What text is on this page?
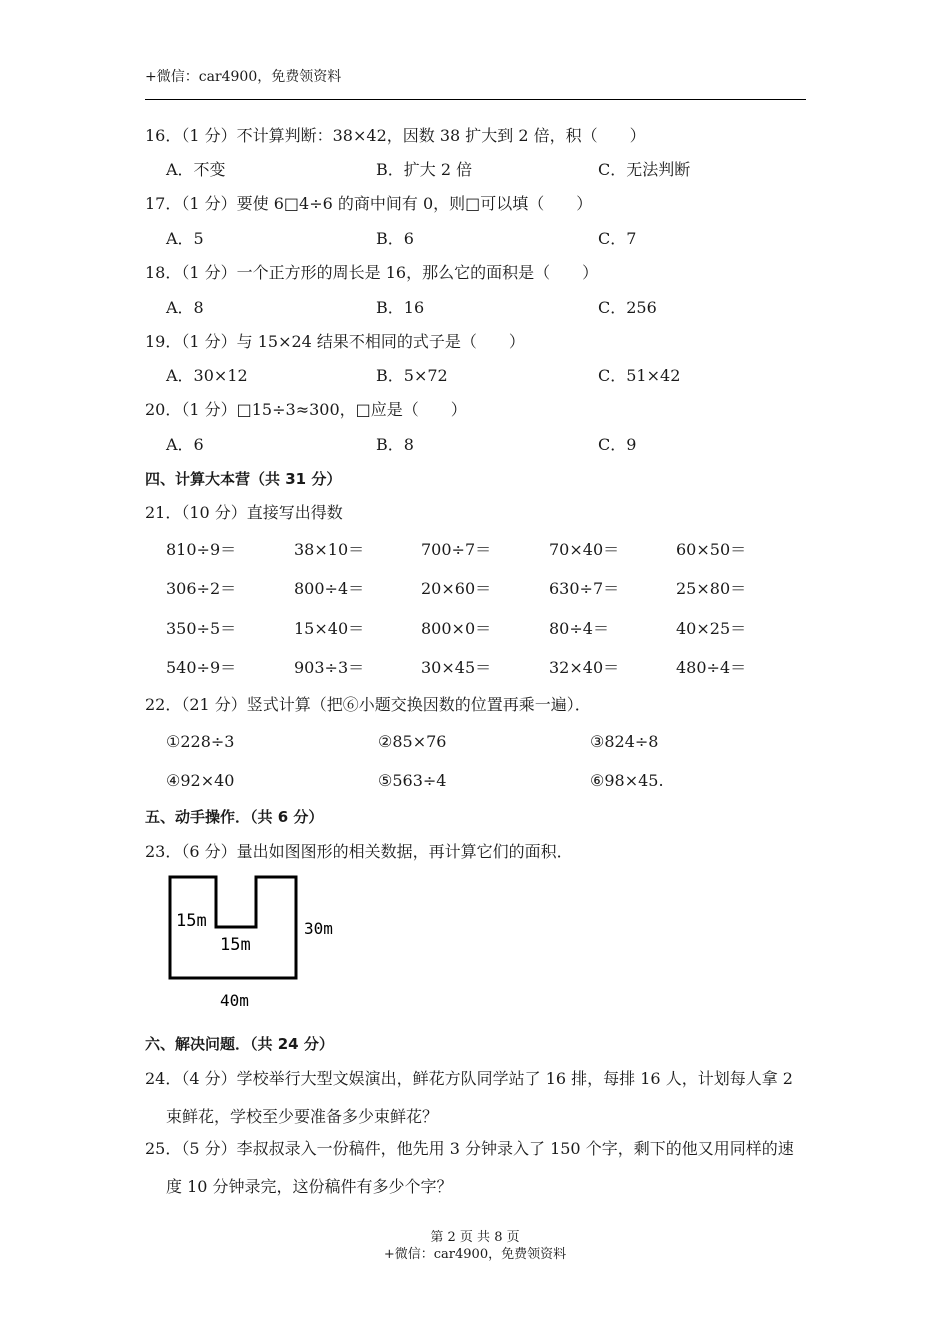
+微信：car4900，免费领资料
16．（1 分）不计算判断：38×42，因数 38 扩大到 2 倍，积（　　）
A．不变	B．扩大 2 倍	C．无法判断
17．（1 分）要使 6□4÷6 的商中间有 0，则□可以填（　　）
A．5	B．6	C．7
18．（1 分）一个正方形的周长是 16，那么它的面积是（　　）
A．8	B．16	C．256
19．（1 分）与 15×24 结果不相同的式子是（　　）
A．30×12	B．5×72	C．51×42
20．（1 分）□15÷3≈300，□应是（　　）
A．6	B．8	C．9
四、计算大本营（共 31 分）
21．（10 分）直接写出得数
810÷9＝	38×10＝	700÷7＝	70×40＝	60×50＝
306÷2＝	800÷4＝	20×60＝	630÷7＝	25×80＝
350÷5＝	15×40＝	800×0＝	80÷4＝	40×25＝
540÷9＝	903÷3＝	30×45＝	32×40＝	480÷4＝
22．（21 分）竖式计算（把⑥小题交换因数的位置再乘一遍）．
①228÷3	②85×76	③824÷8
④92×40	⑤563÷4	⑥98×45.
五、动手操作．（共 6 分）
23．（6 分）量出如图图形的相关数据，再计算它们的面积．
15m
15m
30m
40m
六、解决问题．（共 24 分）
24．（4 分）学校举行大型文娱演出，鲜花方队同学站了 16 排，每排 16 人，计划每人拿 2
束鲜花，学校至少要准备多少束鲜花？
25．（5 分）李叔叔录入一份稿件，他先用 3 分钟录入了 150 个字，剩下的他又用同样的速
度 10 分钟录完，这份稿件有多少个字？
第 2 页 共 8 页
+微信：car4900，免费领资料
